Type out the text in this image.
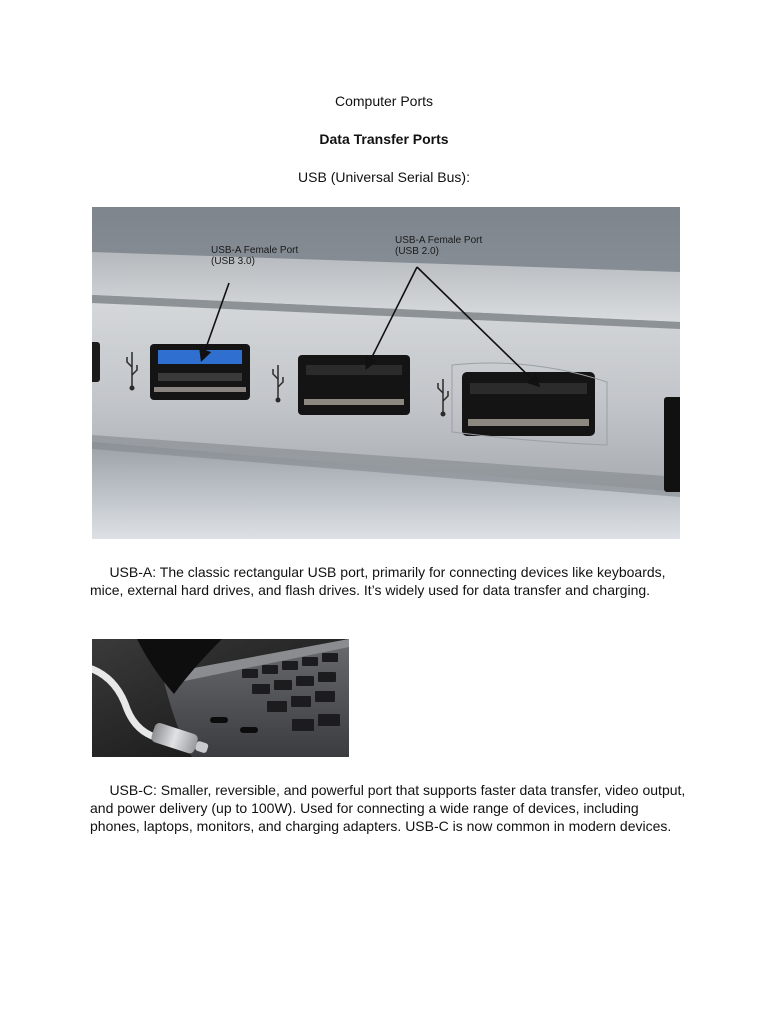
Computer Ports
Data Transfer Ports
USB (Universal Serial Bus):
USB-A Female Port
(USB 3.0)
USB-A Female Port
(USB 2.0)
USB-A: The classic rectangular USB port, primarily for connecting devices like keyboards,
mice, external hard drives, and flash drives. It’s widely used for data transfer and charging.
USB-C: Smaller, reversible, and powerful port that supports faster data transfer, video output,
and power delivery (up to 100W). Used for connecting a wide range of devices, including
phones, laptops, monitors, and charging adapters. USB-C is now common in modern devices.
